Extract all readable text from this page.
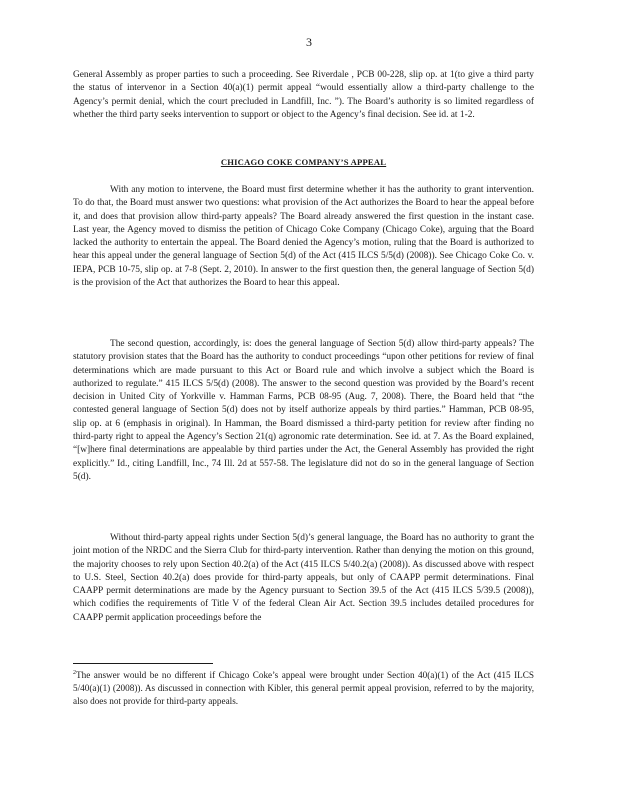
3

General Assembly as proper parties to such a proceeding. See Riverdale , PCB 00-228, slip op. at 1(to give a third party the status of intervenor in a Section 40(a)(1) permit appeal “would essentially allow a third-party challenge to the Agency’s permit denial, which the court precluded in Landfill, Inc. ”). The Board’s authority is so limited regardless of whether the third party seeks intervention to support or object to the Agency’s final decision. See id. at 1-2.

CHICAGO COKE COMPANY’S APPEAL

With any motion to intervene, the Board must first determine whether it has the authority to grant intervention. To do that, the Board must answer two questions: what provision of the Act authorizes the Board to hear the appeal before it, and does that provision allow third-party appeals? The Board already answered the first question in the instant case. Last year, the Agency moved to dismiss the petition of Chicago Coke Company (Chicago Coke), arguing that the Board lacked the authority to entertain the appeal. The Board denied the Agency’s motion, ruling that the Board is authorized to hear this appeal under the general language of Section 5(d) of the Act (415 ILCS 5/5(d) (2008)). See Chicago Coke Co. v. IEPA, PCB 10-75, slip op. at 7-8 (Sept. 2, 2010). In answer to the first question then, the general language of Section 5(d) is the provision of the Act that authorizes the Board to hear this appeal.

The second question, accordingly, is: does the general language of Section 5(d) allow third-party appeals? The statutory provision states that the Board has the authority to conduct proceedings “upon other petitions for review of final determinations which are made pursuant to this Act or Board rule and which involve a subject which the Board is authorized to regulate.” 415 ILCS 5/5(d) (2008). The answer to the second question was provided by the Board’s recent decision in United City of Yorkville v. Hamman Farms, PCB 08-95 (Aug. 7, 2008). There, the Board held that “the contested general language of Section 5(d) does not by itself authorize appeals by third parties.” Hamman, PCB 08-95, slip op. at 6 (emphasis in original). In Hamman, the Board dismissed a third-party petition for review after finding no third-party right to appeal the Agency’s Section 21(q) agronomic rate determination. See id. at 7. As the Board explained, “[w]here final determinations are appealable by third parties under the Act, the General Assembly has provided the right explicitly.” Id., citing Landfill, Inc., 74 Ill. 2d at 557-58. The legislature did not do so in the general language of Section 5(d).

Without third-party appeal rights under Section 5(d)’s general language, the Board has no authority to grant the joint motion of the NRDC and the Sierra Club for third-party intervention. Rather than denying the motion on this ground, the majority chooses to rely upon Section 40.2(a) of the Act (415 ILCS 5/40.2(a) (2008)). As discussed above with respect to U.S. Steel, Section 40.2(a) does provide for third-party appeals, but only of CAAPP permit determinations. Final CAAPP permit determinations are made by the Agency pursuant to Section 39.5 of the Act (415 ILCS 5/39.5 (2008)), which codifies the requirements of Title V of the federal Clean Air Act. Section 39.5 includes detailed procedures for CAAPP permit application proceedings before the

$^2$The answer would be no different if Chicago Coke’s appeal were brought under Section 40(a)(1) of the Act (415 ILCS 5/40(a)(1) (2008)). As discussed in connection with Kibler, this general permit appeal provision, referred to by the majority, also does not provide for third-party appeals.
